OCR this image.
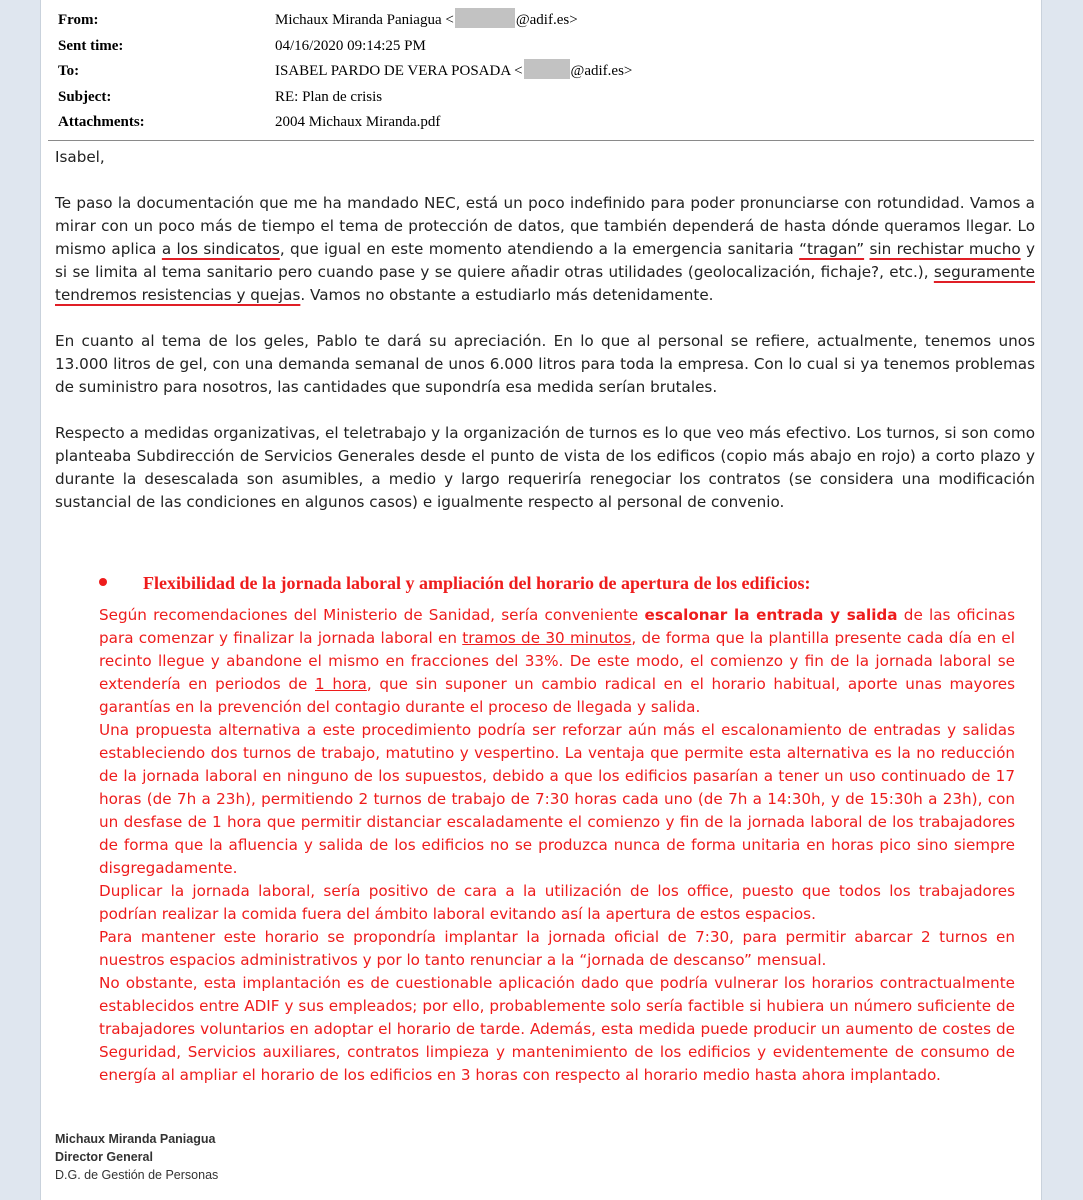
From:	Michaux Miranda Paniagua <	@adif.es>
Sent time:	04/16/2020 09:14:25 PM
To:	ISABEL PARDO DE VERA POSADA <	@adif.es>
Subject:	RE: Plan de crisis
Attachments:	2004 Michaux Miranda.pdf
Isabel,

Te paso la documentación que me ha mandado NEC, está un poco indefinido para poder pronunciarse con rotundidad. Vamos a mirar con un poco más de tiempo el tema de protección de datos, que también dependerá de hasta dónde queramos llegar. Lo mismo aplica a los sindicatos, que igual en este momento atendiendo a la emergencia sanitaria “tragan” sin rechistar mucho y si se limita al tema sanitario pero cuando pase y se quiere añadir otras utilidades (geolocalización, fichaje?, etc.), seguramente tendremos resistencias y quejas. Vamos no obstante a estudiarlo más detenidamente.

En cuanto al tema de los geles, Pablo te dará su apreciación. En lo que al personal se refiere, actualmente, tenemos unos 13.000 litros de gel, con una demanda semanal de unos 6.000 litros para toda la empresa. Con lo cual si ya tenemos problemas de suministro para nosotros, las cantidades que supondría esa medida serían brutales.

Respecto a medidas organizativas, el teletrabajo y la organización de turnos es lo que veo más efectivo. Los turnos, si son como planteaba Subdirección de Servicios Generales desde el punto de vista de los edificos (copio más abajo en rojo) a corto plazo y durante la desescalada son asumibles, a medio y largo requeriría renegociar los contratos (se considera una modificación sustancial de las condiciones en algunos casos) e igualmente respecto al personal de convenio.

Flexibilidad de la jornada laboral y ampliación del horario de apertura de los edificios:

Según recomendaciones del Ministerio de Sanidad, sería conveniente escalonar la entrada y salida de las oficinas para comenzar y finalizar la jornada laboral en tramos de 30 minutos, de forma que la plantilla presente cada día en el recinto llegue y abandone el mismo en fracciones del 33%. De este modo, el comienzo y fin de la jornada laboral se extendería en periodos de 1 hora, que sin suponer un cambio radical en el horario habitual, aporte unas mayores garantías en la prevención del contagio durante el proceso de llegada y salida.

Una propuesta alternativa a este procedimiento podría ser reforzar aún más el escalonamiento de entradas y salidas estableciendo dos turnos de trabajo, matutino y vespertino. La ventaja que permite esta alternativa es la no reducción de la jornada laboral en ninguno de los supuestos, debido a que los edificios pasarían a tener un uso continuado de 17 horas (de 7h a 23h), permitiendo 2 turnos de trabajo de 7:30 horas cada uno (de 7h a 14:30h, y de 15:30h a 23h), con un desfase de 1 hora que permitir distanciar escaladamente el comienzo y fin de la jornada laboral de los trabajadores de forma que la afluencia y salida de los edificios no se produzca nunca de forma unitaria en horas pico sino siempre disgregadamente.

Duplicar la jornada laboral, sería positivo de cara a la utilización de los office, puesto que todos los trabajadores podrían realizar la comida fuera del ámbito laboral evitando así la apertura de estos espacios.

Para mantener este horario se propondría implantar la jornada oficial de 7:30, para permitir abarcar 2 turnos en nuestros espacios administrativos y por lo tanto renunciar a la “jornada de descanso” mensual.

No obstante, esta implantación es de cuestionable aplicación dado que podría vulnerar los horarios contractualmente establecidos entre ADIF y sus empleados; por ello, probablemente solo sería factible si hubiera un número suficiente de trabajadores voluntarios en adoptar el horario de tarde. Además, esta medida puede producir un aumento de costes de Seguridad, Servicios auxiliares, contratos limpieza y mantenimiento de los edificios y evidentemente de consumo de energía al ampliar el horario de los edificios en 3 horas con respecto al horario medio hasta ahora implantado.

Michaux Miranda Paniagua
Director General
D.G. de Gestión de Personas
